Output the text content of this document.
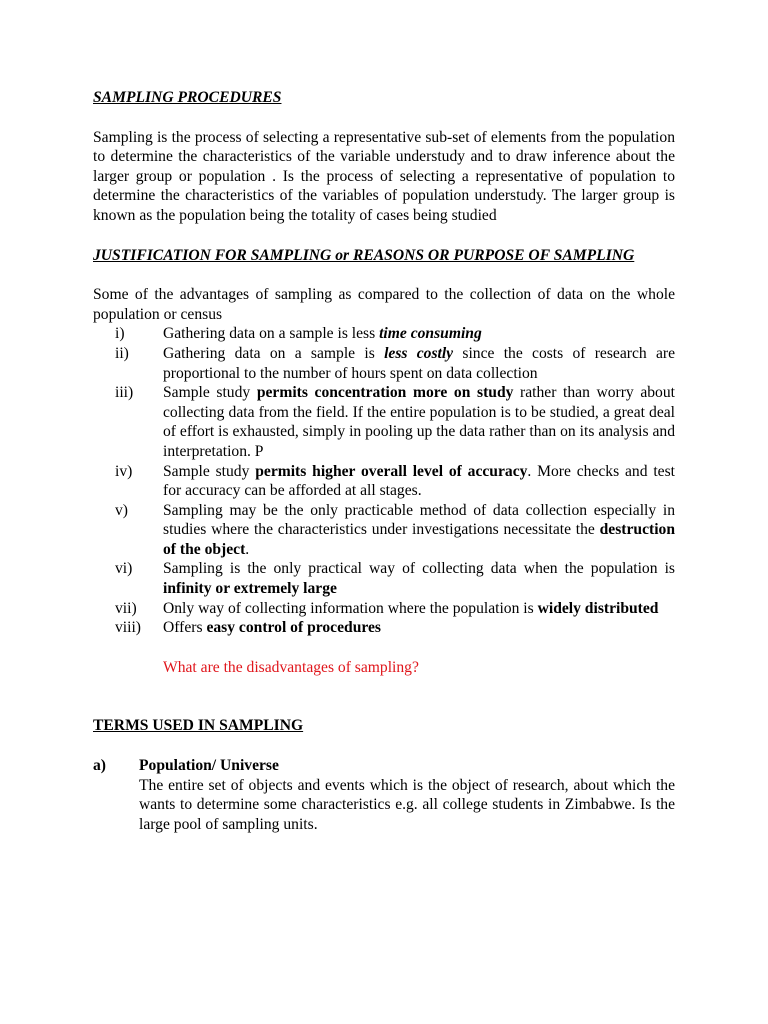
SAMPLING PROCEDURES

Sampling is the process of selecting a representative sub-set of elements from the population to determine the characteristics of the variable understudy and to draw inference about the larger group or population . Is the process of selecting a representative of population to determine the characteristics of the variables of population understudy. The larger group is known as the population being the totality of cases being studied

JUSTIFICATION FOR SAMPLING or REASONS OR PURPOSE OF SAMPLING

Some of the advantages of sampling as compared to the collection of data on the whole population or census

i)	Gathering data on a sample is less time consuming
ii)	Gathering data on a sample is less costly since the costs of research are proportional to the number of hours spent on data collection
iii)	Sample study permits concentration more on study rather than worry about collecting data from the field. If the entire population is to be studied, a great deal of effort is exhausted, simply in pooling up the data rather than on its analysis and interpretation. P
iv)	Sample study permits higher overall level of accuracy. More checks and test for accuracy can be afforded at all stages.
v)	Sampling may be the only practicable method of data collection especially in studies where the characteristics under investigations necessitate the destruction of the object.
vi)	Sampling is the only practical way of collecting data when the population is infinity or extremely large
vii)	Only way of collecting information where the population is widely distributed
viii)	Offers easy control of procedures

What are the disadvantages of sampling?

TERMS USED IN SAMPLING

a)	Population/ Universe
The entire set of objects and events which is the object of research, about which the wants to determine some characteristics e.g. all college students in Zimbabwe. Is the large pool of sampling units.
